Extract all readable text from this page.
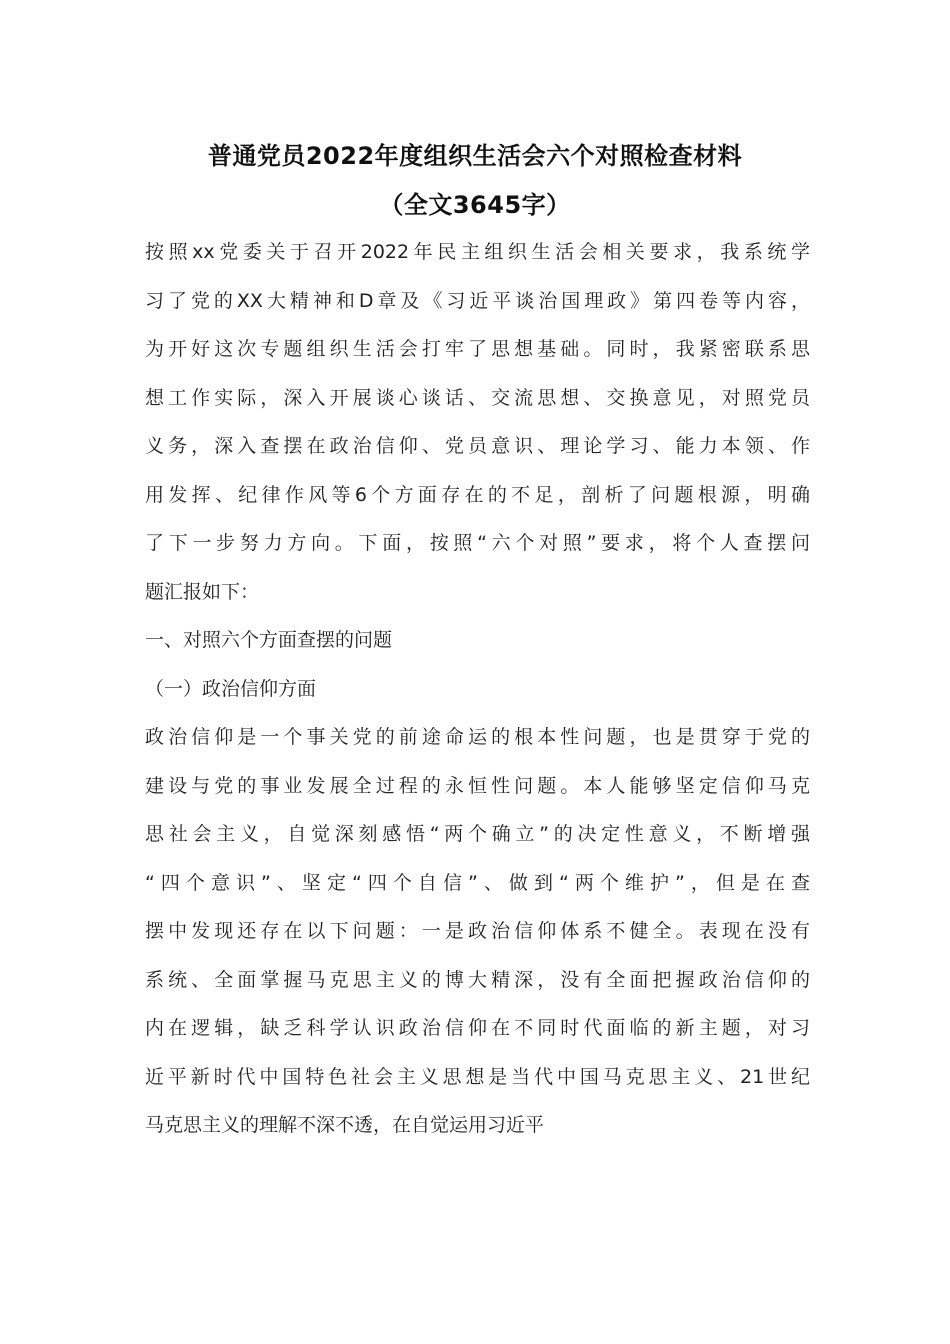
普通党员2022年度组织生活会六个对照检查材料
（全文3645字）
按照xx党委关于召开2022年民主组织生活会相关要求，我系统学
习了党的XX大精神和D章及《习近平谈治国理政》第四卷等内容，
为开好这次专题组织生活会打牢了思想基础。同时，我紧密联系思
想工作实际，深入开展谈心谈话、交流思想、交换意见，对照党员
义务，深入查摆在政治信仰、党员意识、理论学习、能力本领、作
用发挥、纪律作风等6个方面存在的不足，剖析了问题根源，明确
了下一步努力方向。下面，按照“六个对照”要求，将个人查摆问
题汇报如下：
一、对照六个方面查摆的问题
（一）政治信仰方面
政治信仰是一个事关党的前途命运的根本性问题，也是贯穿于党的
建设与党的事业发展全过程的永恒性问题。本人能够坚定信仰马克
思社会主义，自觉深刻感悟“两个确立”的决定性意义，不断增强
“四个意识”、坚定“四个自信”、做到“两个维护”，但是在查
摆中发现还存在以下问题：一是政治信仰体系不健全。表现在没有
系统、全面掌握马克思主义的博大精深，没有全面把握政治信仰的
内在逻辑，缺乏科学认识政治信仰在不同时代面临的新主题，对习
近平新时代中国特色社会主义思想是当代中国马克思主义、21世纪
马克思主义的理解不深不透，在自觉运用习近平
